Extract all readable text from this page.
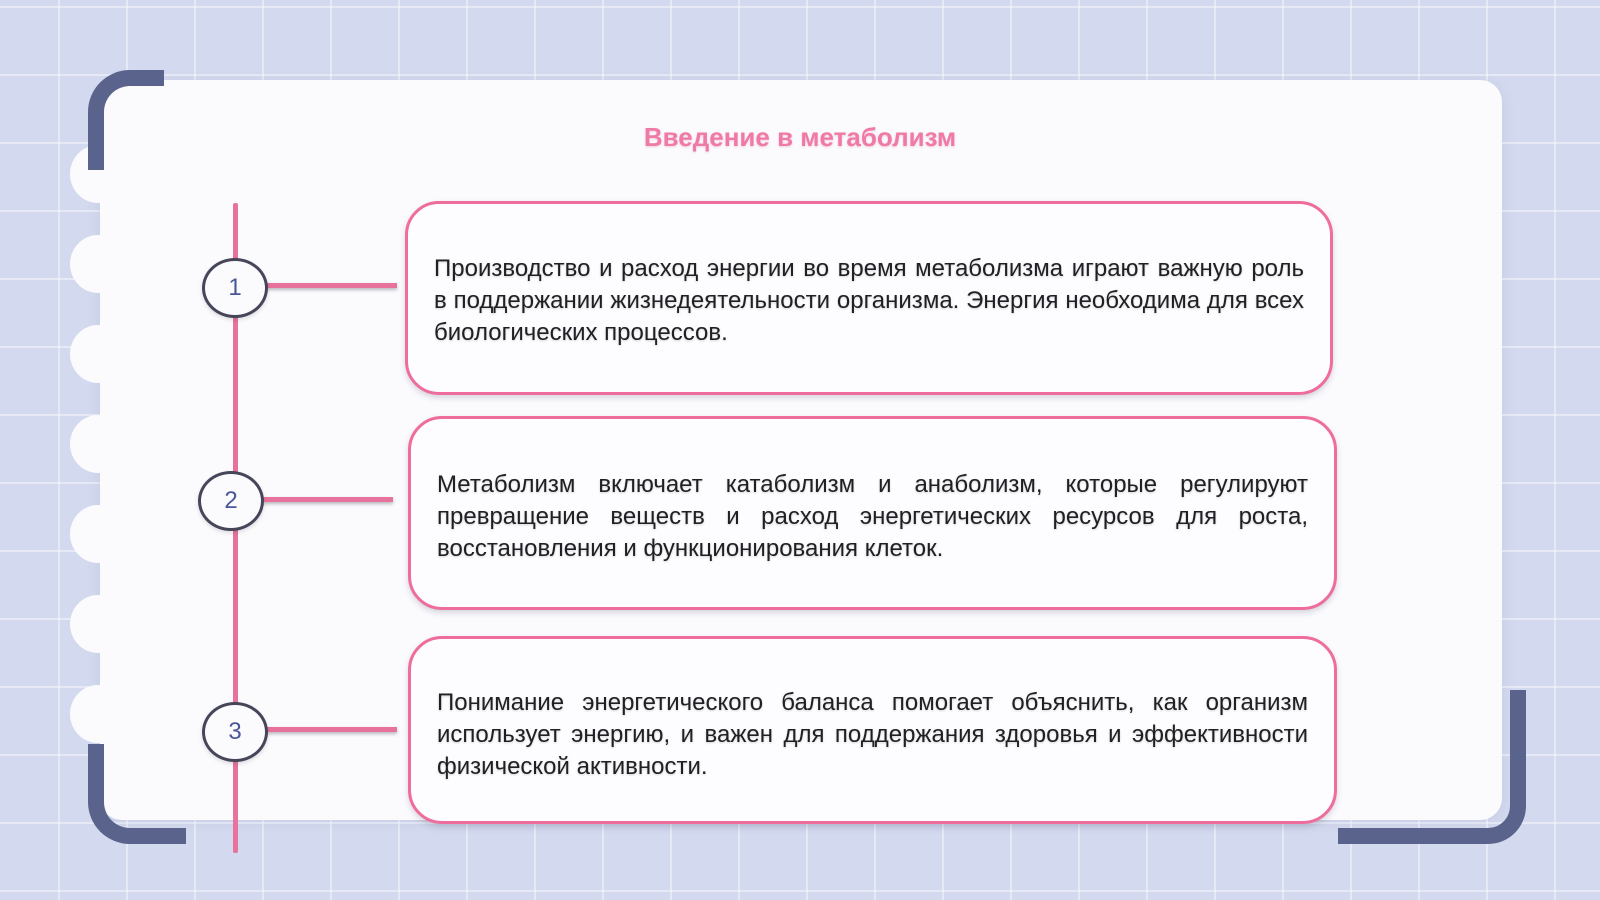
Введение в метаболизм
1
2
3

Производство и расход энергии во время метаболизма играют важную роль в поддержании жизнедеятельности организма. Энергия необходима для всех биологических процессов.

Метаболизм включает катаболизм и анаболизм, которые регулируют превращение веществ и расход энергетических ресурсов для роста, восстановления и функционирования клеток.

Понимание энергетического баланса помогает объяснить, как организм использует энергию, и важен для поддержания здоровья и эффективности физической активности.
